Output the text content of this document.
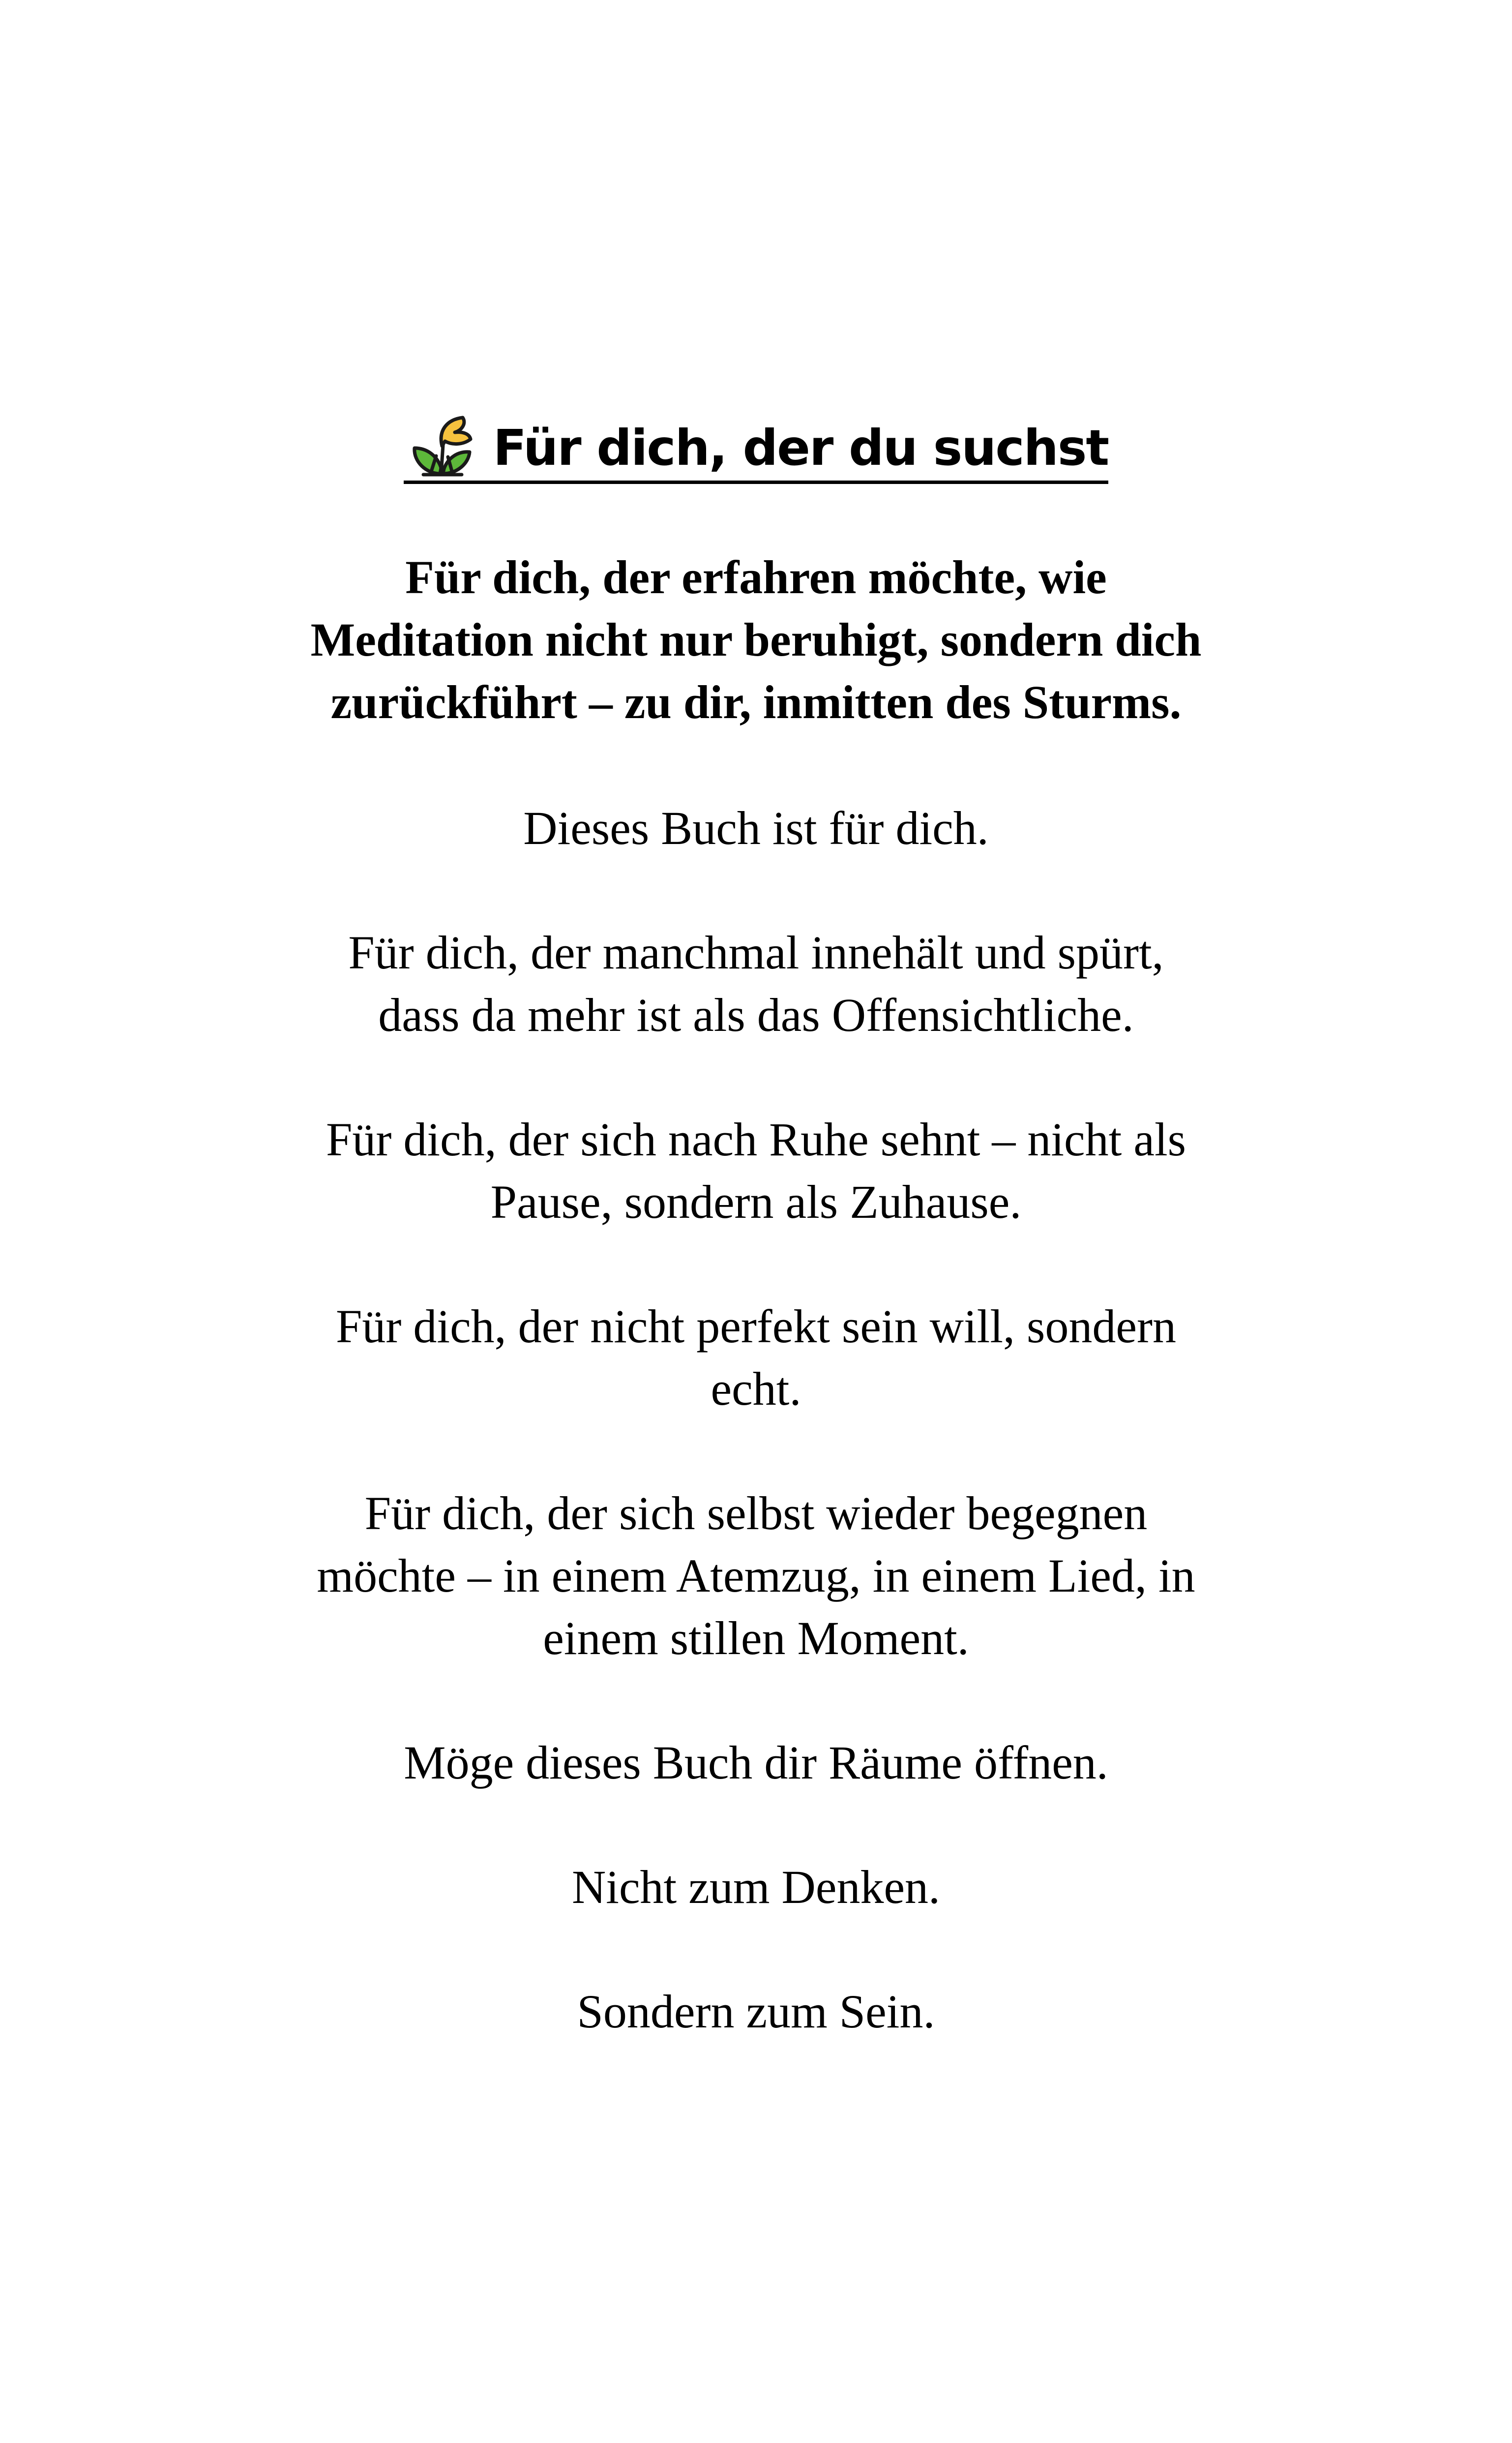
Für dich, der du suchst
Für dich, der erfahren möchte, wie
Meditation nicht nur beruhigt, sondern dich
zurückführt – zu dir, inmitten des Sturms.
Dieses Buch ist für dich.
Für dich, der manchmal innehält und spürt,
dass da mehr ist als das Offensichtliche.
Für dich, der sich nach Ruhe sehnt – nicht als
Pause, sondern als Zuhause.
Für dich, der nicht perfekt sein will, sondern
echt.
Für dich, der sich selbst wieder begegnen
möchte – in einem Atemzug, in einem Lied, in
einem stillen Moment.
Möge dieses Buch dir Räume öffnen.
Nicht zum Denken.
Sondern zum Sein.
